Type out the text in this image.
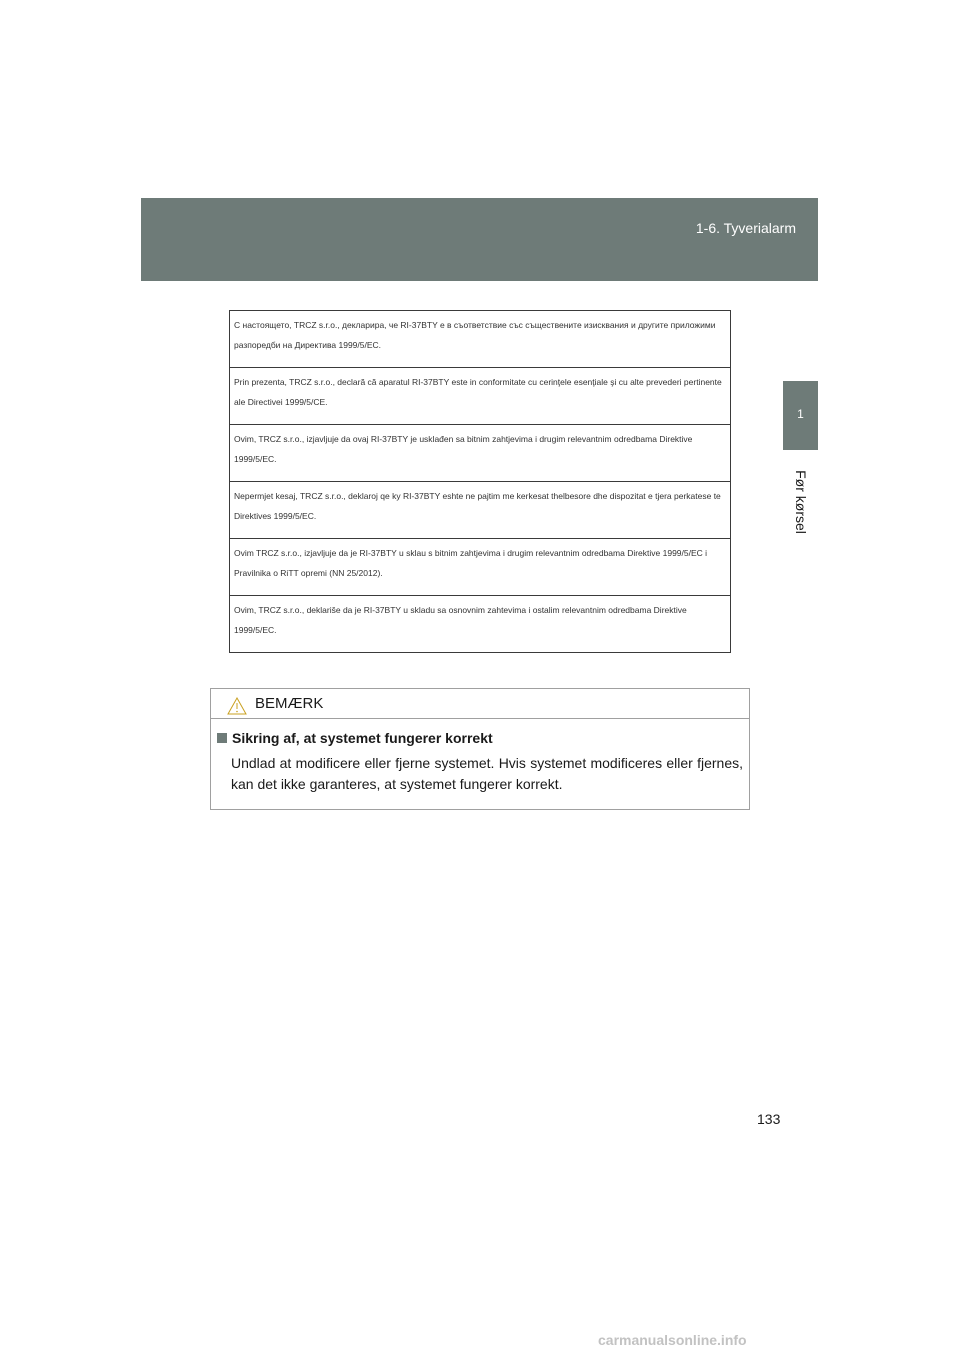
1-6. Tyverialarm
1
Før kørsel
С настоящето, TRCZ s.r.o., декларира, че RI-37BTY е в съответствие със съществените изисквания и другите приложими разпоредби на Директива 1999/5/EC.
Prin prezenta, TRCZ s.r.o., declară că aparatul RI-37BTY este in conformitate cu cerinţele esenţiale şi cu alte prevederi pertinente ale Directivei 1999/5/CE.
Ovim, TRCZ s.r.o., izjavljuje da ovaj RI-37BTY je usklađen sa bitnim zahtjevima i drugim relevantnim odredbama Direktive 1999/5/EC.
Nepermjet kesaj, TRCZ s.r.o., deklaroj qe ky RI-37BTY eshte ne pajtim me kerkesat thelbesore dhe dispozitat e tjera perkatese te Direktives 1999/5/EC.
Ovim TRCZ s.r.o., izjavljuje da je RI-37BTY u sklau s bitnim zahtjevima i drugim relevantnim odredbama Direktive 1999/5/EC i Pravilnika o RiTT opremi (NN 25/2012).
Ovim, TRCZ s.r.o., deklariše da je RI-37BTY u skladu sa osnovnim zahtevima i ostalim relevantnim odredbama Direktive 1999/5/EC.
BEMÆRK
Sikring af, at systemet fungerer korrekt
Undlad at modificere eller fjerne systemet. Hvis systemet modificeres eller fjernes, kan det ikke garanteres, at systemet fungerer korrekt.
133
carmanualsonline.info
